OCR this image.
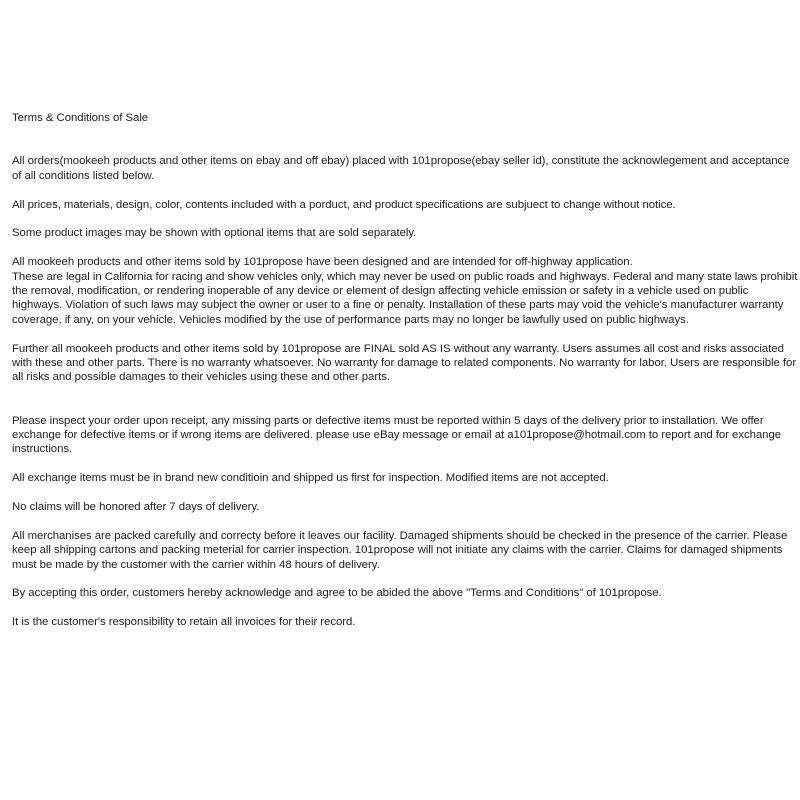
Terms & Conditions of Sale

All orders(mookeeh products and other items on ebay and off ebay) placed with 101propose(ebay seller id), constitute the acknowlegement and acceptance of all conditions listed below.

All prices, materials, design, color, contents included with a porduct, and product specifications are subjuect to change without notice.

Some product images may be shown with optional items that are sold separately.

All mookeeh products and other items sold by 101propose have been designed and are intended for off-highway application.

These are legal in California for racing and show vehicles only, which may never be used on public roads and highways. Federal and many state laws prohibit the removal, modification, or rendering inoperable of any device or element of design affecting vehicle emission or safety in a vehicle used on public highways. Violation of such laws may subject the owner or user to a fine or penalty. Installation of these parts may void the vehicle's manufacturer warranty coverage, if any, on your vehicle. Vehicles modified by the use of performance parts may no longer be lawfully used on public highways.

Further all mookeeh products and other items sold by 101propose are FINAL sold AS IS without any warranty. Users assumes all cost and risks associated with these and other parts. There is no warranty whatsoever. No warranty for damage to related components. No warranty for labor. Users are responsible for all risks and possible damages to their vehicles using these and other parts.

Please inspect your order upon receipt, any missing parts or defective items must be reported within 5 days of the delivery prior to installation. We offer exchange for defective items or if wrong items are delivered. please use eBay message or email at a101propose@hotmail.com to report and for exchange instructions.

All exchange items must be in brand new conditioin and shipped us first for inspection. Modified items are not accepted.

No claims will be honored after 7 days of delivery.

All merchanises are packed carefully and correcty before it leaves our facility. Damaged shipments should be checked in the presence of the carrier. Please keep all shipping cartons and packing meterial for carrier inspection. 101propose will not initiate any claims with the carrier. Claims for damaged shipments must be made by the customer with the carrier within 48 hours of delivery.

By accepting this order, customers hereby acknowledge and agree to be abided the above "Terms and Conditions" of 101propose.

It is the customer's responsibility to retain all invoices for their record.
